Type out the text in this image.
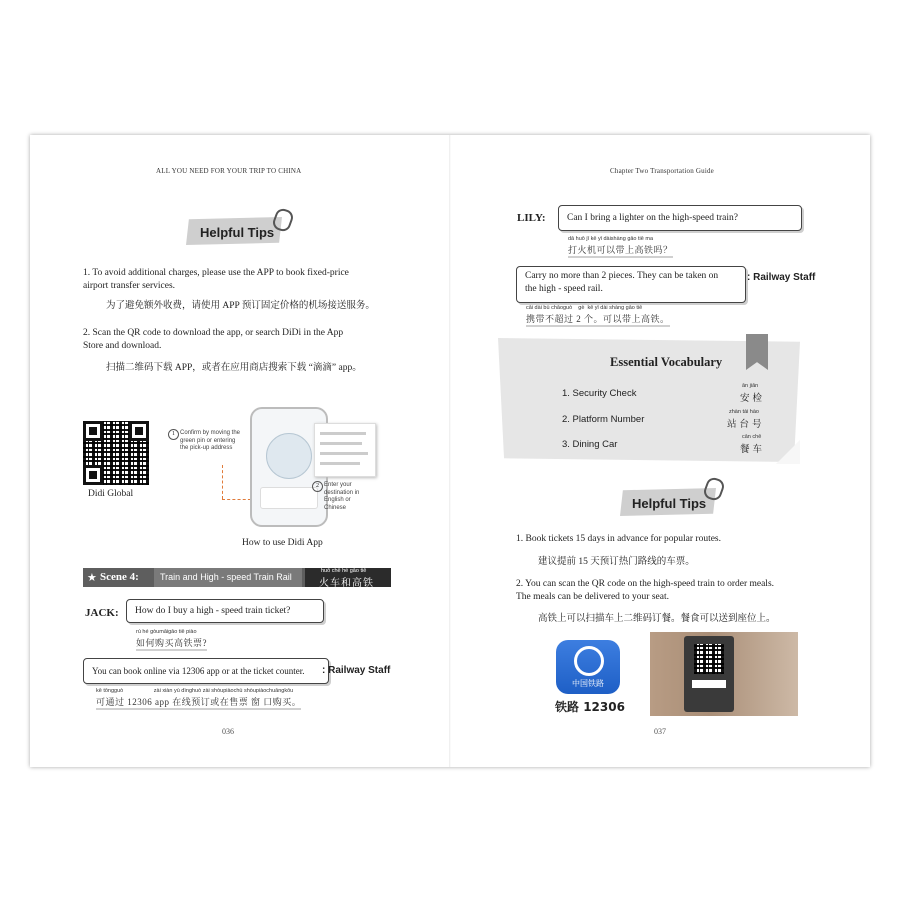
ALL YOU NEED FOR YOUR TRIP TO CHINA
Helpful Tips
1. To avoid additional charges, please use the APP to book fixed-price
airport transfer services.
为了避免额外收费，请使用 APP 预订固定价格的机场接送服务。
2. Scan the QR code to download the app, or search DiDi in the App
Store and download.
扫描二维码下载 APP，或者在应用商店搜索下载 “滴滴” app。
Didi Global
1 Confirm by moving the
green pin or entering
the pick-up address
2 Enter your
destination in
English or
Chinese
How to use Didi App
★ Scene 4: Train and High - speed Train Rail
huǒ chē hé gāo tiě
火车和高铁
JACK:	How do I buy a high - speed train ticket?
rú hé gòumǎigāo tiě piào
如何购买高铁票?
You can book online via 12306 app or at the ticket counter.	: Railway Staff
kě tōngguò                    zài xiàn yù dìnghuò zài shòupiàochù shòupiàochuāngkǒu
可通过 12306 app 在线预订或在售票 窗 口购买。
036
Chapter Two Transportation Guide
LILY:	Can I bring a lighter on the high-speed train?
dǎ huǒ jī kě yǐ dàishàng gāo tiě ma
打火机可以带上高铁吗？
Carry no more than 2 pieces. They can be taken on
the high - speed rail.
: Railway Staff
cǎi dài bù chāoguò    gè  kě yǐ dài shàng gāo tiě
携带不超过 2 个。可以带上高铁。
037
Essential Vocabulary
1. Security Check
ān jiǎn
安检
2. Platform Number
zhàn tái hào
站台号
3. Dining Car
cān chē
餐车
Helpful Tips
1. Book tickets 15 days in advance for popular routes.
建议提前 15 天预订热门路线的车票。
2. You can scan the QR code on the high-speed train to order meals.
The meals can be delivered to your seat.
高铁上可以扫描车上二维码订餐。餐食可以送到座位上。
中国铁路
铁路 12306
